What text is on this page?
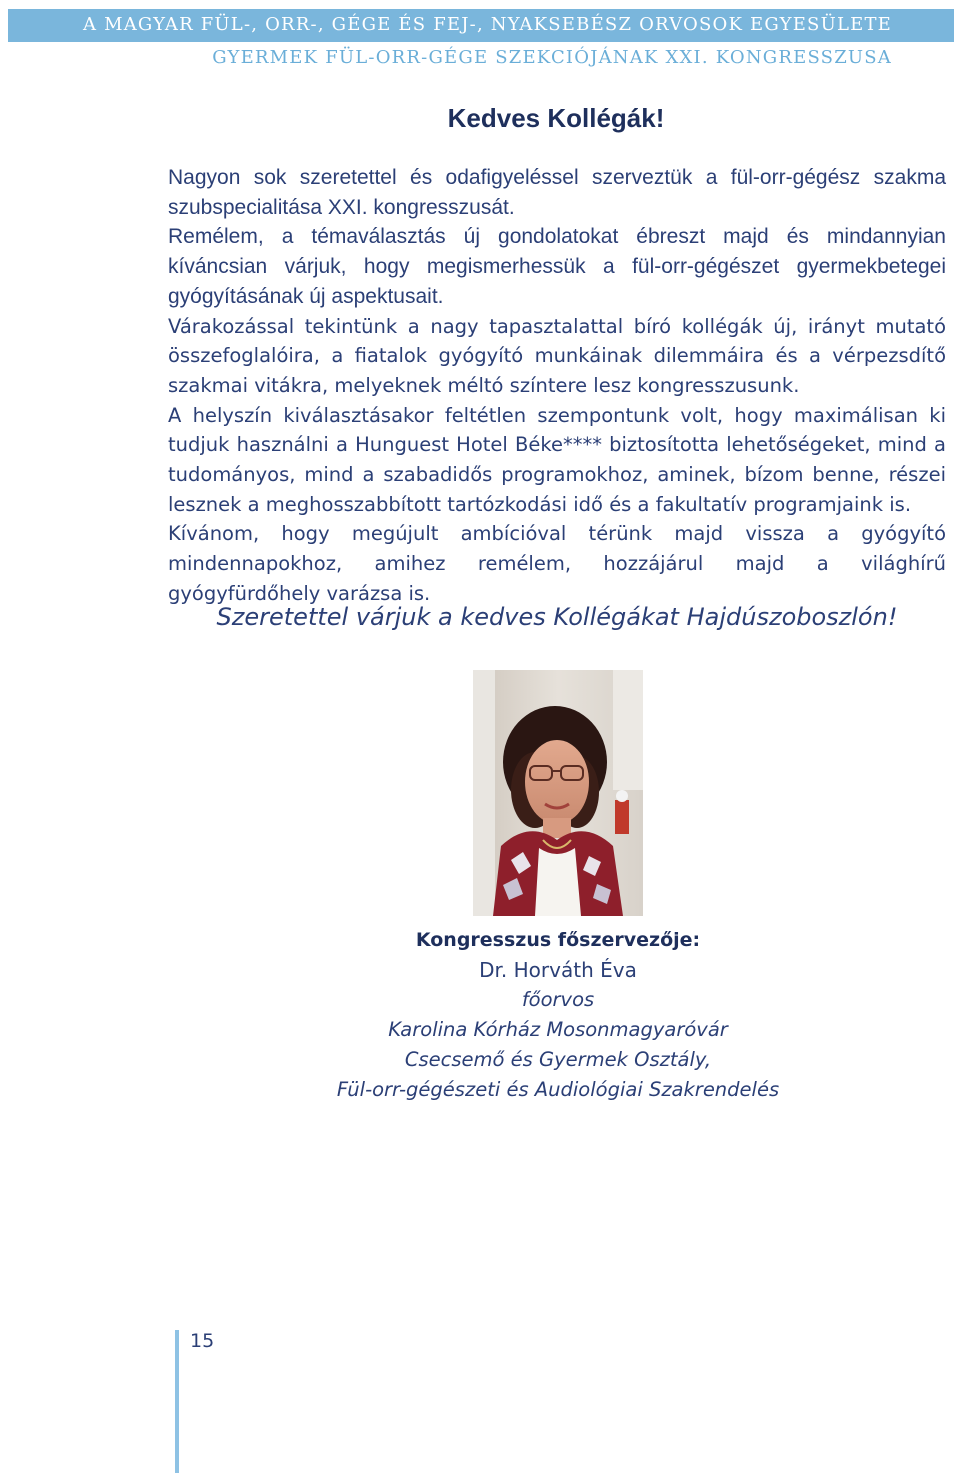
A MAGYAR FÜL-, ORR-, GÉGE ÉS FEJ-, NYAKSEBÉSZ ORVOSOK EGYESÜLETE
GYERMEK FÜL-ORR-GÉGE SZEKCIÓJÁNAK XXI. KONGRESSZUSA
Kedves Kollégák!

Nagyon sok szeretettel és odafigyeléssel szerveztük a fül-orr-gégész szakma szubspecialitása XXI. kongresszusát.

Remélem, a témaválasztás új gondolatokat ébreszt majd és mindannyian kíváncsian várjuk, hogy megismerhessük a fül-orr-gégészet gyermekbetegei gyógyításának új aspektusait.

Várakozással tekintünk a nagy tapasztalattal bíró kollégák új, irányt mutató összefoglalóira, a fiatalok gyógyító munkáinak dilemmáira és a vérpezsdítő szakmai vitákra, melyeknek méltó színtere lesz kongresszusunk.

A helyszín kiválasztásakor feltétlen szempontunk volt, hogy maximálisan ki tudjuk használni a Hunguest Hotel Béke**** biztosította lehetőségeket, mind a tudományos, mind a szabadidős programokhoz, aminek, bízom benne, részei lesznek a meghosszabbított tartózkodási idő és a fakultatív programjaink is.

Kívánom, hogy megújult ambícióval térünk majd vissza a gyógyító mindennapokhoz, amihez remélem, hozzájárul majd a világhírű gyógyfürdőhely varázsa is.

Szeretettel várjuk a kedves Kollégákat Hajdúszoboszlón!
Kongresszus főszervezője:
Dr. Horváth Éva
főorvos
Karolina Kórház Mosonmagyaróvár
Csecsemő és Gyermek Osztály,
Fül-orr-gégészeti és Audiológiai Szakrendelés
15
